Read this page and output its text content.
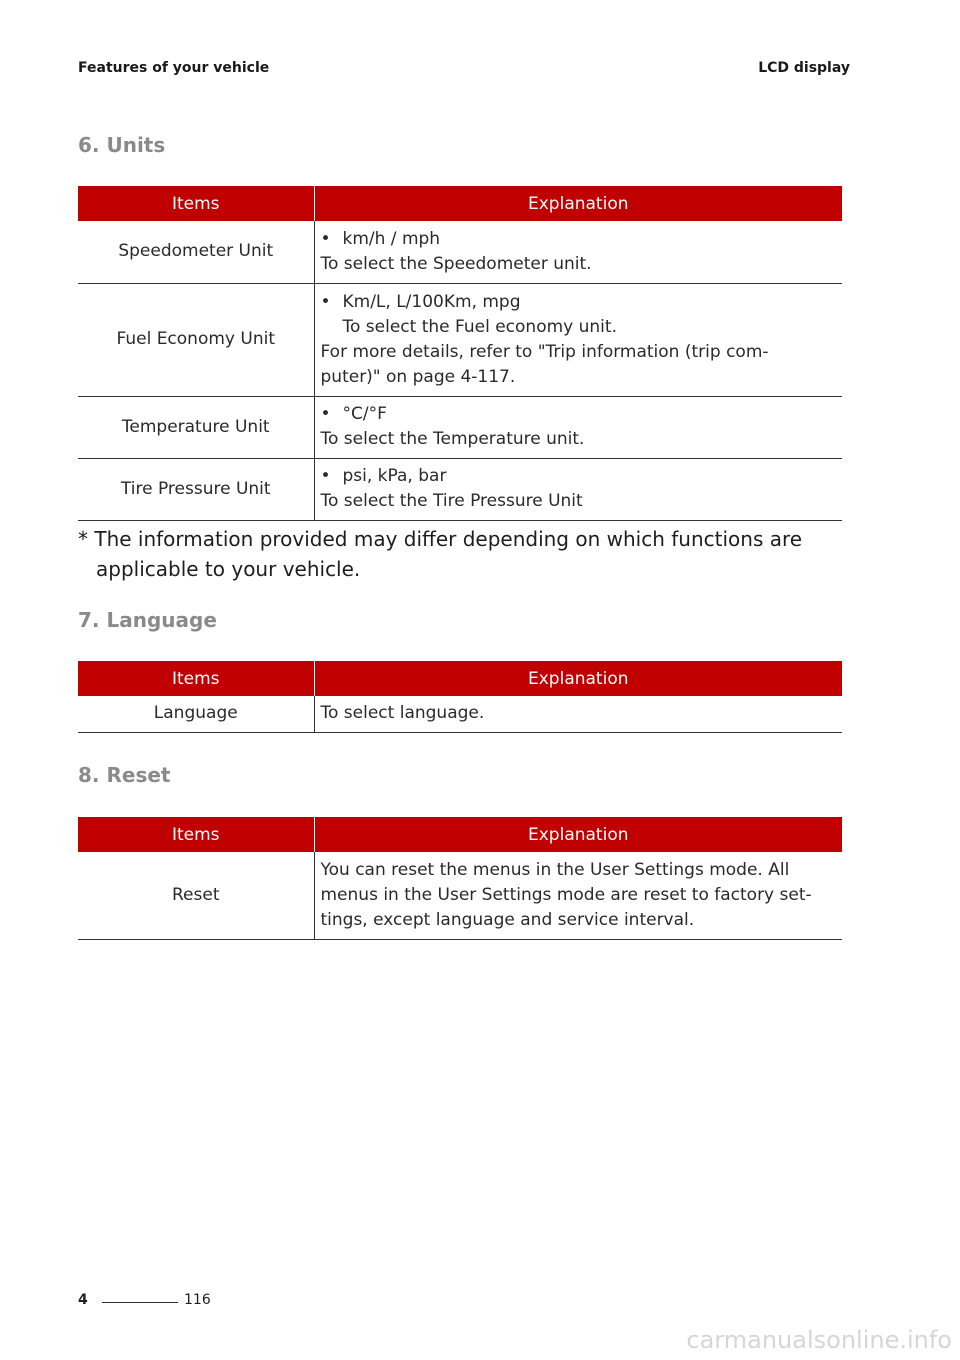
Features of your vehicle	LCD display
6. Units
Items	Explanation
Speedometer Unit	• km/h / mph
To select the Speedometer unit.

Fuel Economy Unit	• Km/L, L/100Km, mpg
To select the Fuel economy unit.
For more details, refer to "Trip information (trip com-
puter)" on page 4-117.

Temperature Unit	• °C/°F
To select the Temperature unit.

Tire Pressure Unit	• psi, kPa, bar
To select the Tire Pressure Unit
* The information provided may differ depending on which functions are applicable to your vehicle.
7. Language
Items	Explanation
Language	To select language.
8. Reset
Items	Explanation
Reset	You can reset the menus in the User Settings mode. All
menus in the User Settings mode are reset to factory set-
tings, except language and service interval.
4	116
carmanualsonline.info
